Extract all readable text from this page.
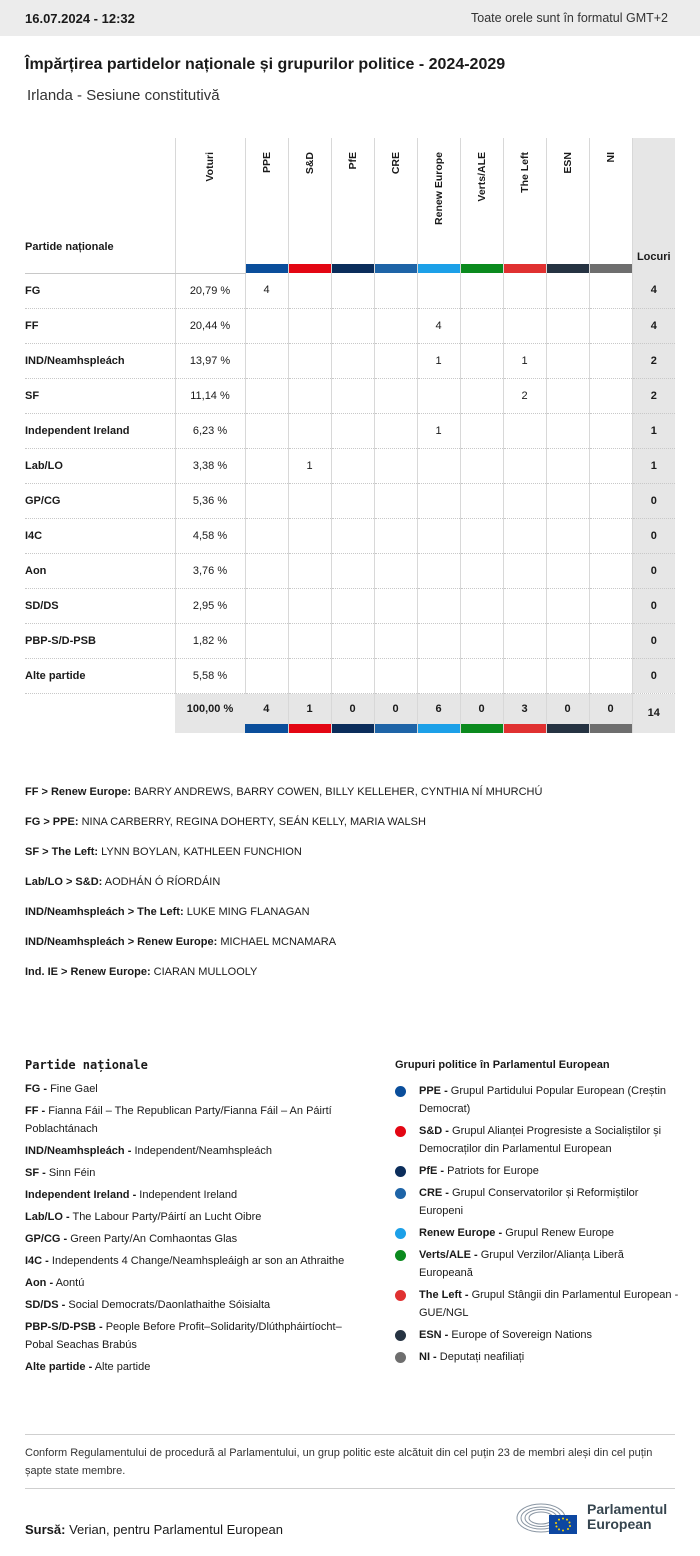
16.07.2024 - 12:32	Toate orele sunt în formatul GMT+2
Împărțirea partidelor naționale și grupurilor politice - 2024-2029
Irlanda - Sesiune constitutivă
Partide naționale	Voturi	PPE	S&D	PfE	CRE	Renew Europe	Verts/ALE	The Left	ESN	NI	Locuri
FG	20,79 %	4									4
FF	20,44 %					4					4
IND/Neamhspleách	13,97 %					1		1			2
SF	11,14 %							2			2
Independent Ireland	6,23 %					1					1
Lab/LO	3,38 %		1								1
GP/CG	5,36 %										0
I4C	4,58 %										0
Aon	3,76 %										0
SD/DS	2,95 %										0
PBP-S/D-PSB	1,82 %										0
Alte partide	5,58 %										0
	100,00 %	4	1	0	0	6	0	3	0	0	14
FF > Renew Europe: BARRY ANDREWS, BARRY COWEN, BILLY KELLEHER, CYNTHIA NÍ MHURCHÚ
FG > PPE: NINA CARBERRY, REGINA DOHERTY, SEÁN KELLY, MARIA WALSH
SF > The Left: LYNN BOYLAN, KATHLEEN FUNCHION
Lab/LO > S&D: AODHÁN Ó RÍORDÁIN
IND/Neamhspleách > The Left: LUKE MING FLANAGAN
IND/Neamhspleách > Renew Europe: MICHAEL MCNAMARA
Ind. IE > Renew Europe: CIARAN MULLOOLY
Partide naționale
FG - Fine Gael
FF - Fianna Fáil – The Republican Party/Fianna Fáil – An Páirtí Poblachtánach
IND/Neamhspleách - Independent/Neamhspleách
SF - Sinn Féin
Independent Ireland - Independent Ireland
Lab/LO - The Labour Party/Páirtí an Lucht Oibre
GP/CG - Green Party/An Comhaontas Glas
I4C - Independents 4 Change/Neamhspleáigh ar son an Athraithe
Aon - Aontú
SD/DS - Social Democrats/Daonlathaithe Sóisialta
PBP-S/D-PSB - People Before Profit–Solidarity/Dlúthpháirtíocht–Pobal Seachas Brabús
Alte partide - Alte partide
Grupuri politice în Parlamentul European
PPE - Grupul Partidului Popular European (Creștin Democrat)
S&D - Grupul Alianței Progresiste a Socialiștilor și Democraților din Parlamentul European
PfE - Patriots for Europe
CRE - Grupul Conservatorilor și Reformiștilor Europeni
Renew Europe - Grupul Renew Europe
Verts/ALE - Grupul Verzilor/Alianța Liberă Europeană
The Left - Grupul Stângii din Parlamentul European - GUE/NGL
ESN - Europe of Sovereign Nations
NI - Deputați neafiliați
Conform Regulamentului de procedură al Parlamentului, un grup politic este alcătuit din cel puțin 23 de membri aleși din cel puțin șapte state membre.
Sursă: Verian, pentru Parlamentul European
Parlamentul
European
